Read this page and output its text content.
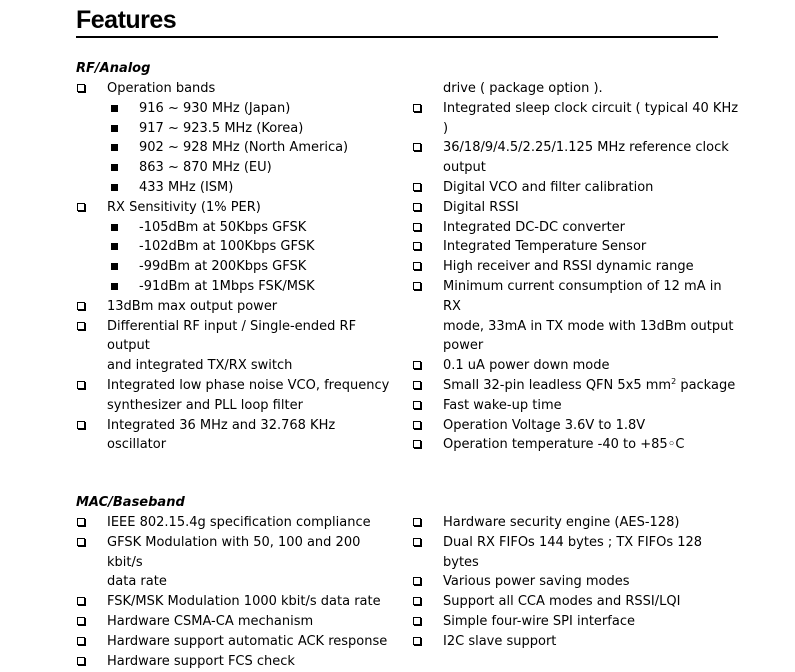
Features
RF/Analog
Operation bands
916 ~ 930 MHz (Japan)
917 ~ 923.5 MHz (Korea)
902 ~ 928 MHz (North America)
863 ~ 870 MHz (EU)
433 MHz (ISM)
RX Sensitivity (1% PER)
-105dBm at 50Kbps GFSK
-102dBm at 100Kbps GFSK
-99dBm at 200Kbps GFSK
-91dBm at 1Mbps FSK/MSK
13dBm max output power
Differential RF input / Single-ended RF output
and integrated TX/RX switch
Integrated low phase noise VCO, frequency
synthesizer and PLL loop filter
Integrated 36 MHz and 32.768 KHz oscillator
drive ( package option ).
Integrated sleep clock circuit ( typical 40 KHz )
36/18/9/4.5/2.25/1.125 MHz reference clock
output
Digital VCO and filter calibration
Digital RSSI
Integrated DC-DC converter
Integrated Temperature Sensor
High receiver and RSSI dynamic range
Minimum current consumption of 12 mA in RX
mode, 33mA in TX mode with 13dBm output
power
0.1 uA power down mode
Small 32-pin leadless QFN 5x5 $mm^2$ package
Fast wake-up time
Operation Voltage 3.6V to 1.8V
Operation temperature -40 to +85◦C
MAC/Baseband
IEEE 802.15.4g specification compliance
GFSK Modulation with 50, 100 and 200 kbit/s
data rate
FSK/MSK Modulation 1000 kbit/s data rate
Hardware CSMA-CA mechanism
Hardware support automatic ACK response
Hardware support FCS check
Hardware security engine (AES-128)
Dual RX FIFOs 144 bytes ; TX FIFOs 128 bytes
Various power saving modes
Support all CCA modes and RSSI/LQI
Simple four-wire SPI interface
I2C slave support
